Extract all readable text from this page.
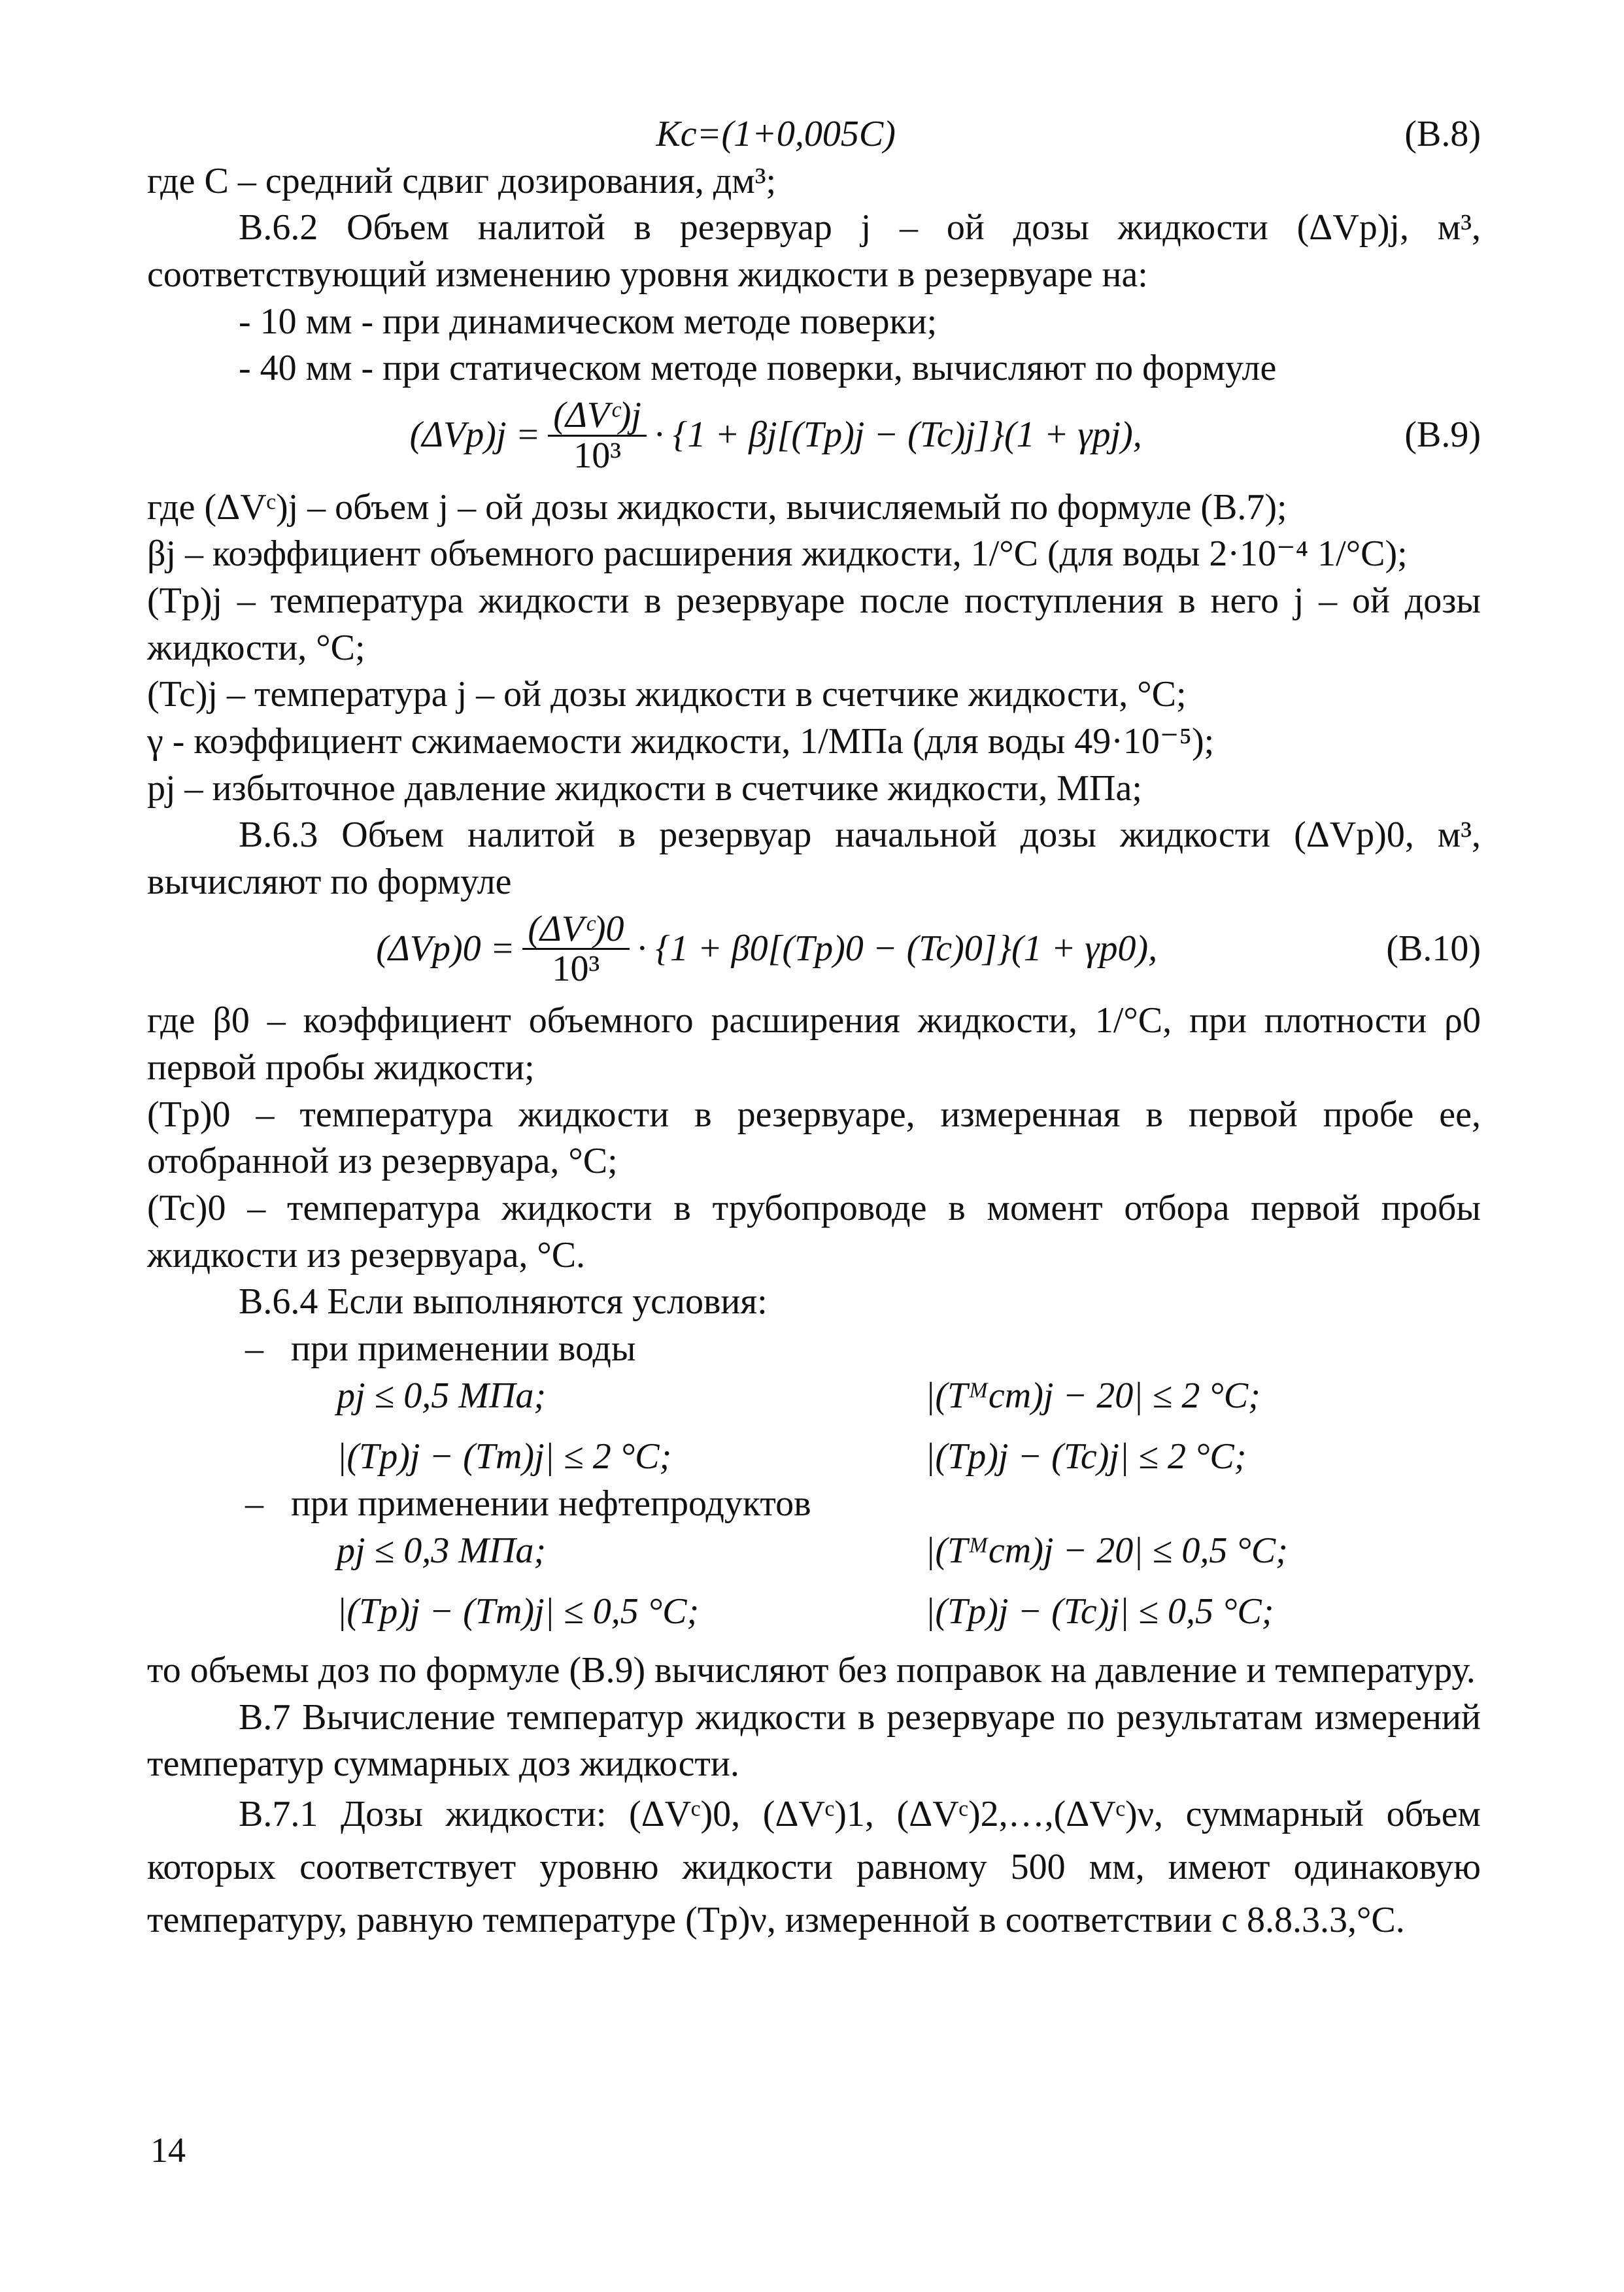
Kc=(1+0,005C)	(В.8)

где С – средний сдвиг дозирования, дм³;

В.6.2 Объем налитой в резервуар j – ой дозы жидкости (ΔVp)j, м³, соответствующий изменению уровня жидкости в резервуаре на:

- 10 мм - при динамическом методе поверки;

- 40 мм - при статическом методе поверки, вычисляют по формуле

$(\Delta Vp)j = \frac{\text{(ΔVᶜ)j}}{\text{10³}} \cdot \{1 + \beta j[(Tp)j - (Tc)j]\}(1 + \gamma pj)$,	(В.9)

где (ΔVᶜ)j – объем j – ой дозы жидкости, вычисляемый по формуле (В.7);

βj – коэффициент объемного расширения жидкости, 1/°С (для воды 2·10⁻⁴ 1/°С);

(Tp)j – температура жидкости в резервуаре после поступления в него j – ой дозы жидкости, °С;

(Tc)j – температура j – ой дозы жидкости в счетчике жидкости, °С;

γ - коэффициент сжимаемости жидкости, 1/МПа (для воды 49·10⁻⁵);

pj – избыточное давление жидкости в счетчике жидкости, МПа;

В.6.3 Объем налитой в резервуар начальной дозы жидкости (ΔVp)0, м³, вычисляют по формуле

$(\Delta Vp)0 = \frac{\text{(ΔVᶜ)0}}{\text{10³}} \cdot \{1 + \beta 0[(Tp)0 - (Tc)0]\}(1 + \gamma p0)$,	(В.10)

где β0 – коэффициент объемного расширения жидкости, 1/°С, при плотности ρ0 первой пробы жидкости;

(Tp)0 – температура жидкости в резервуаре, измеренная в первой пробе ее, отобранной из резервуара, °С;

(Tc)0 – температура жидкости в трубопроводе в момент отбора первой пробы жидкости из резервуара, °С.

В.6.4 Если выполняются условия:

–   при применении воды

pj ≤ 0,5 МПа;	|(Tᴹcm)j − 20| ≤ 2 °С;
|(Tp)j − (Tm)j| ≤ 2 °С;	|(Tp)j − (Tc)j| ≤ 2 °С;

–   при применении нефтепродуктов

pj ≤ 0,3 МПа;	|(Tᴹcm)j − 20| ≤ 0,5 °С;
|(Tp)j − (Tm)j| ≤ 0,5 °С;	|(Tp)j − (Tc)j| ≤ 0,5 °С;

то объемы доз по формуле (В.9) вычисляют без поправок на давление и температуру.

В.7 Вычисление температур жидкости в резервуаре по результатам измерений температур суммарных доз жидкости.

В.7.1 Дозы жидкости: (ΔVᶜ)0, (ΔVᶜ)1, (ΔVᶜ)2,…,(ΔVᶜ)ν, суммарный объем которых соответствует уровню жидкости равному 500 мм, имеют одинаковую температуру, равную температуре (Tp)ν, измеренной в соответствии с 8.8.3.3,°С.

14
